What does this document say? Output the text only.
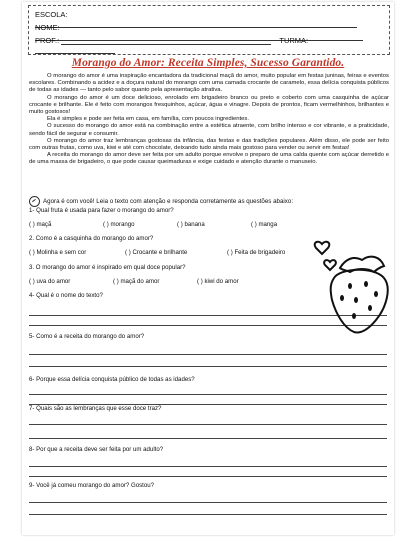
ESCOLA:
NOME:
PROF.:	TURMA:
Morango do Amor: Receita Simples, Sucesso Garantido.

O morango do amor é uma inspiração encantadora da tradicional maçã do amor, muito popular em festas juninas, feiras e eventos escolares. Combinando a acidez e a doçura natural do morango com uma camada crocante de caramelo, essa delícia conquista públicos de todas as idades — tanto pelo sabor quanto pela apresentação atrativa.

O morango do amor é um doce delicioso, enrolado em brigadeiro branco ou preto e coberto com uma casquinha de açúcar crocante e brilhante. Ele é feito com morangos fresquinhos, açúcar, água e vinagre. Depois de prontos, ficam vermelhinhos, brilhantes e muito gostosos!

Ela é simples e pode ser feita em casa, em família, com poucos ingredientes.

O sucesso do morango do amor está na combinação entre a estética atraente, com brilho intenso e cor vibrante, e a praticidade, sendo fácil de segurar e consumir.

O morango do amor traz lembranças gostosas da infância, das festas e das tradições populares. Além disso, ele pode ser feito com outras frutas, como uva, kiwi e até com chocolate, deixando tudo ainda mais gostoso para vender ou servir em festas!

A receita do morango do amor deve ser feita por um adulto porque envolve o preparo de uma calda quente com açúcar derretido e de uma massa de brigadeiro, o que pode causar queimaduras e exige cuidado e atenção durante o manuseio.

Agora é com você! Leia o texto com atenção e responda corretamente as questões abaixo:
1- Qual fruta é usada para fazer o morango do amor?
( ) maçã	( ) morango	( ) banana	( ) manga
2. Como é a casquinha do morango do amor?
( ) Molinha e sem cor	( ) Crocante e brilhante	( ) Feita de brigadeiro
3. O morango do amor é inspirado em qual doce popular?
( ) uva do amor	( ) maçã do amor	( ) kiwi do amor
4- Qual é o nome do texto?
5- Como é a receita do morango do amor?
6- Porque essa delícia conquista público de todas as idades?
7- Quais são as lembranças que esse doce traz?
8- Por que a receita deve ser feita por um adulto?
9- Você já comeu morango do amor? Gostou?
